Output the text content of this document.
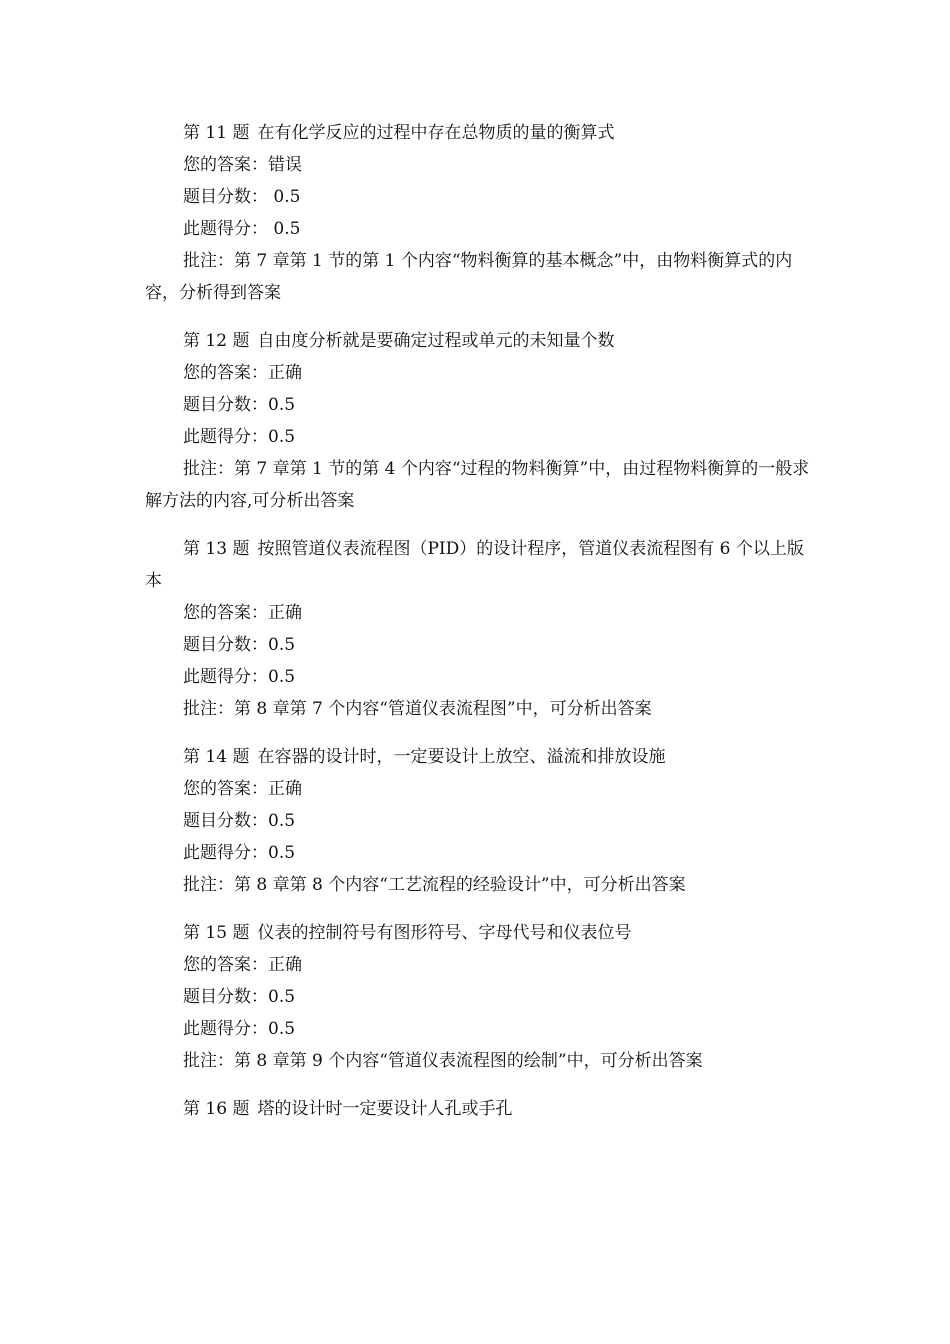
第 11 题 在有化学反应的过程中存在总物质的量的衡算式
您的答案：错误
题目分数： 0.5
此题得分： 0.5
批注：第 7 章第 1 节的第 1 个内容“物料衡算的基本概念”中，由物料衡算式的内容，分析得到答案
第 12 题 自由度分析就是要确定过程或单元的未知量个数
您的答案：正确
题目分数：0.5
此题得分：0.5
批注：第 7 章第 1 节的第 4 个内容“过程的物料衡算”中，由过程物料衡算的一般求解方法的内容,可分析出答案
第 13 题 按照管道仪表流程图（PID）的设计程序，管道仪表流程图有 6 个以上版本
您的答案：正确
题目分数：0.5
此题得分：0.5
批注：第 8 章第 7 个内容“管道仪表流程图”中，可分析出答案
第 14 题 在容器的设计时，一定要设计上放空、溢流和排放设施
您的答案：正确
题目分数：0.5
此题得分：0.5
批注：第 8 章第 8 个内容“工艺流程的经验设计”中，可分析出答案
第 15 题 仪表的控制符号有图形符号、字母代号和仪表位号
您的答案：正确
题目分数：0.5
此题得分：0.5
批注：第 8 章第 9 个内容“管道仪表流程图的绘制”中，可分析出答案
第 16 题 塔的设计时一定要设计人孔或手孔
